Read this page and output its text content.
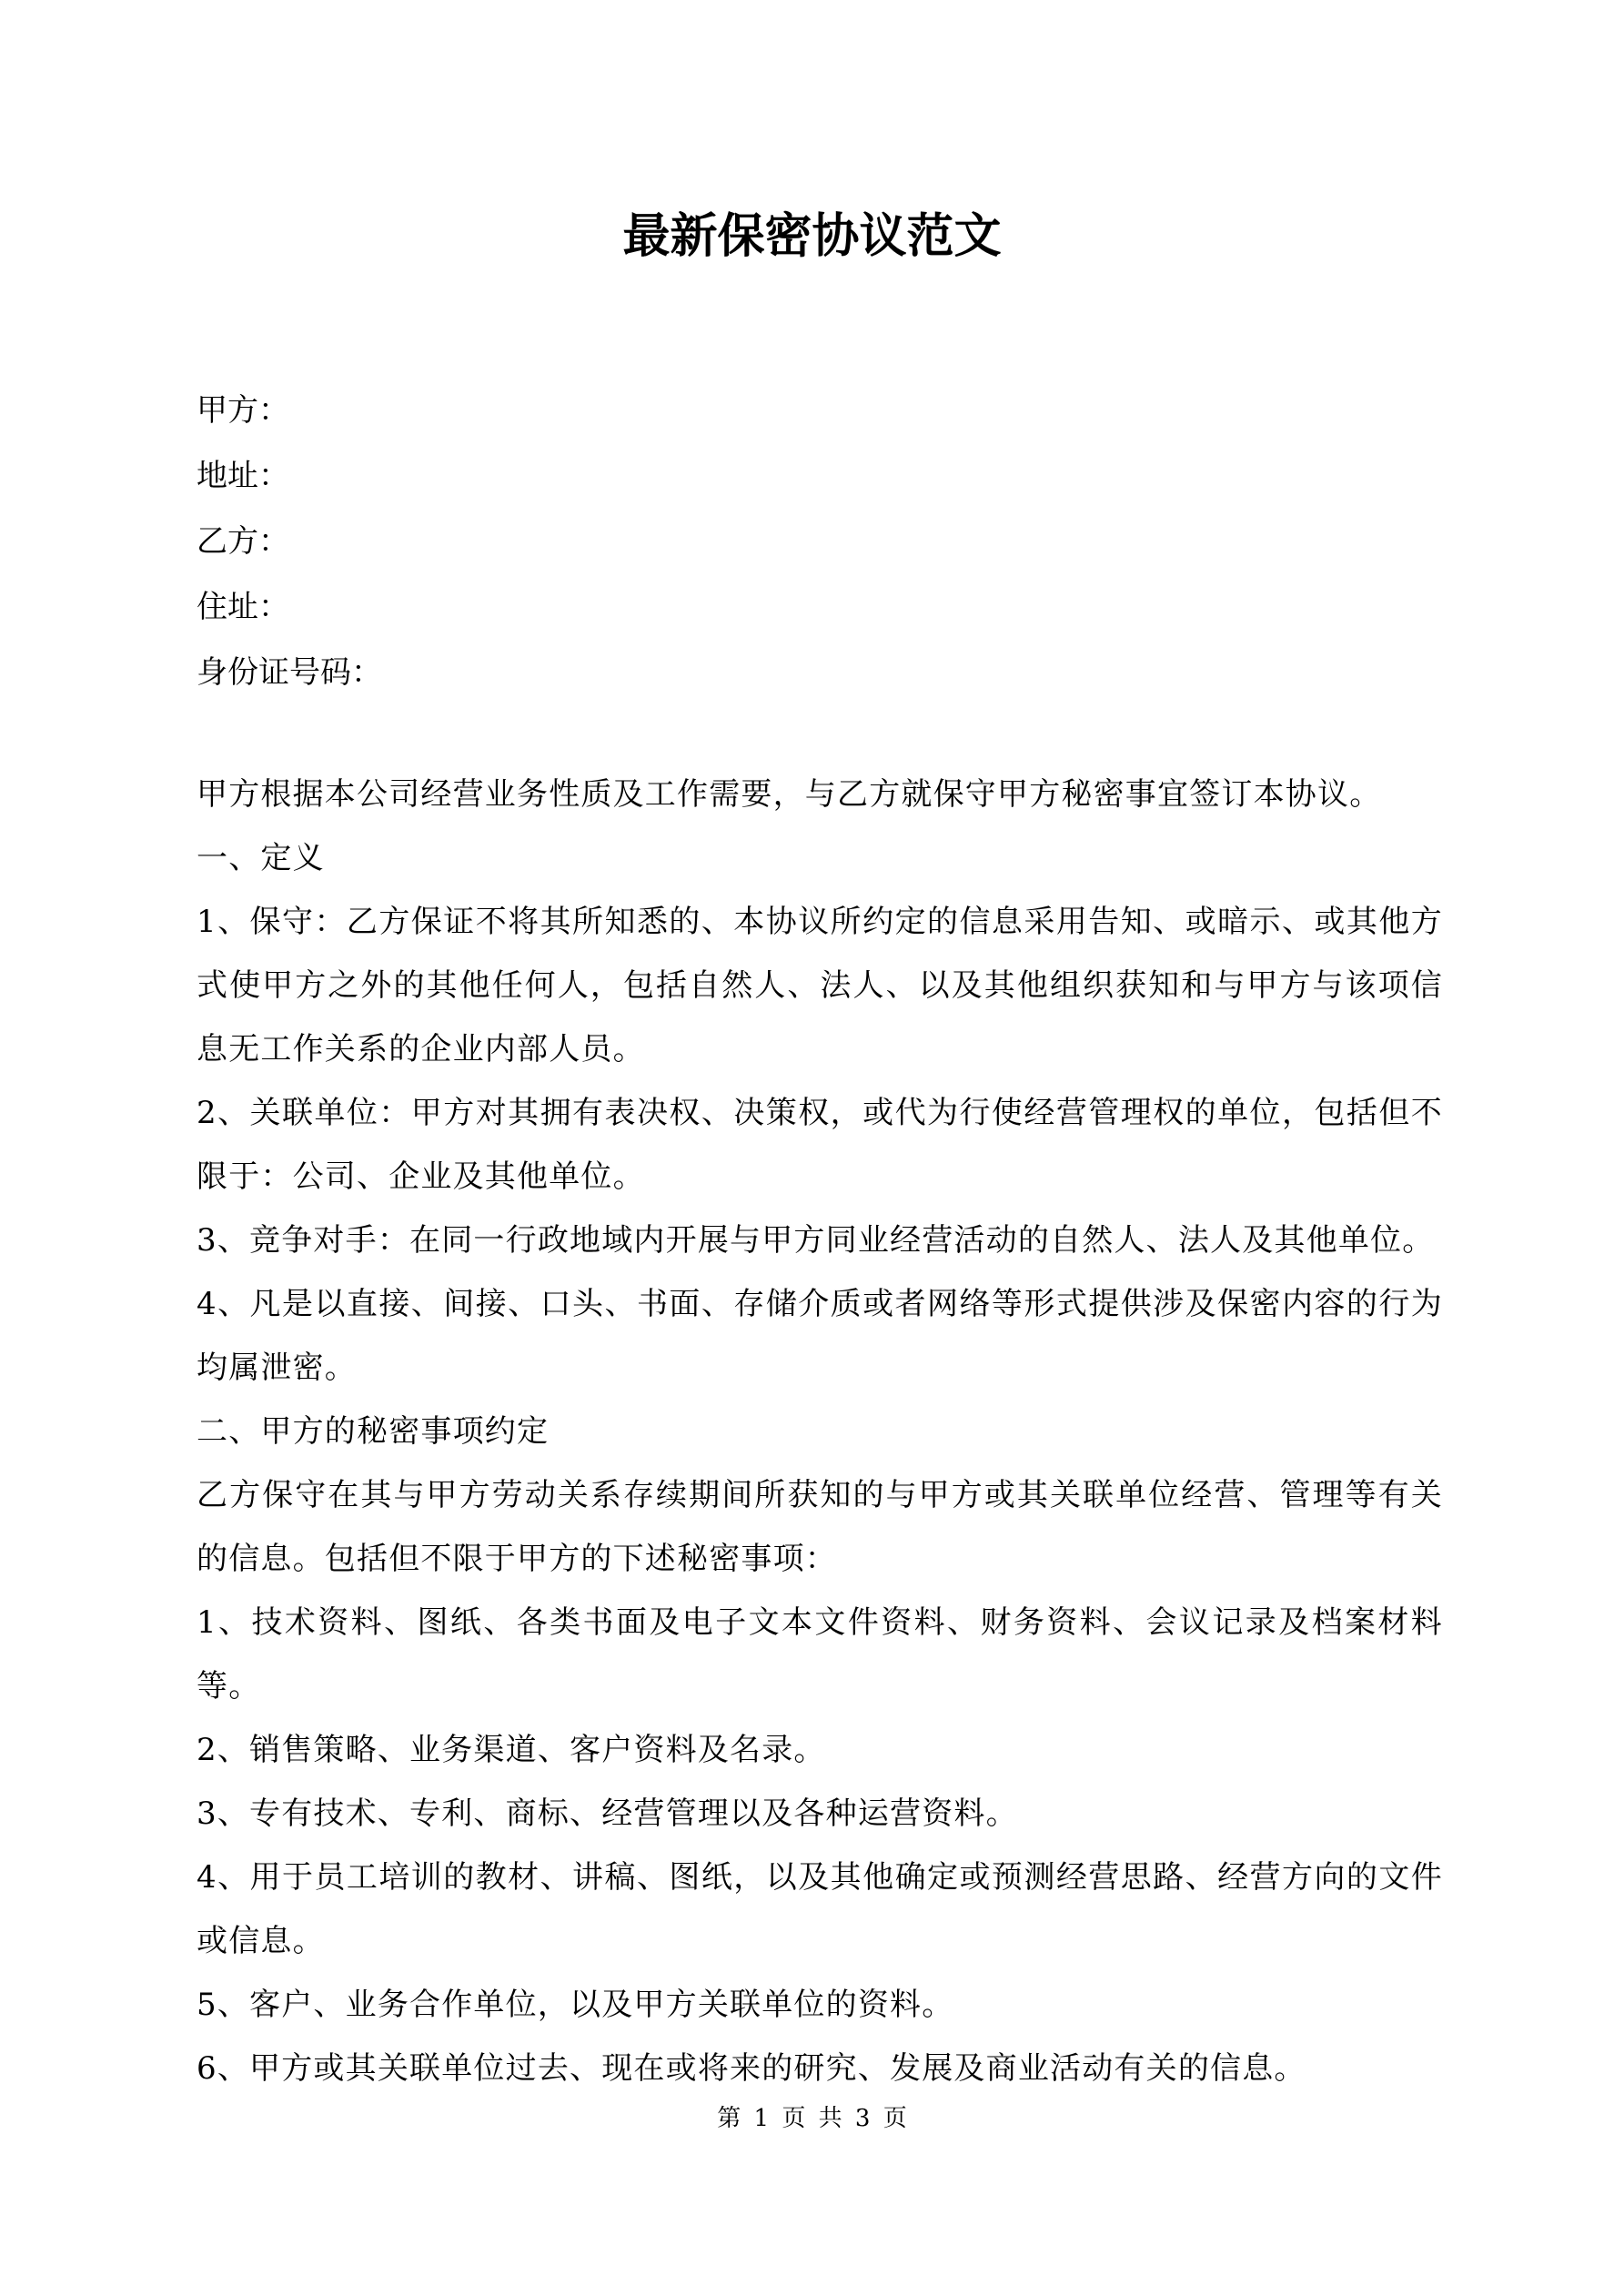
最新保密协议范文
甲方：
地址：
乙方：
住址：
身份证号码：

甲方根据本公司经营业务性质及工作需要，与乙方就保守甲方秘密事宜签订本协议。

一、定义

1、保守：乙方保证不将其所知悉的、本协议所约定的信息采用告知、或暗示、或其他方式使甲方之外的其他任何人，包括自然人、法人、以及其他组织获知和与甲方与该项信息无工作关系的企业内部人员。

2、关联单位：甲方对其拥有表决权、决策权，或代为行使经营管理权的单位，包括但不限于：公司、企业及其他单位。

3、竞争对手：在同一行政地域内开展与甲方同业经营活动的自然人、法人及其他单位。

4、凡是以直接、间接、口头、书面、存储介质或者网络等形式提供涉及保密内容的行为均属泄密。

二、甲方的秘密事项约定

乙方保守在其与甲方劳动关系存续期间所获知的与甲方或其关联单位经营、管理等有关的信息。包括但不限于甲方的下述秘密事项：

1、技术资料、图纸、各类书面及电子文本文件资料、财务资料、会议记录及档案材料等。

2、销售策略、业务渠道、客户资料及名录。

3、专有技术、专利、商标、经营管理以及各种运营资料。

4、用于员工培训的教材、讲稿、图纸，以及其他确定或预测经营思路、经营方向的文件或信息。

5、客户、业务合作单位，以及甲方关联单位的资料。

6、甲方或其关联单位过去、现在或将来的研究、发展及商业活动有关的信息。

第 1 页 共 3 页
